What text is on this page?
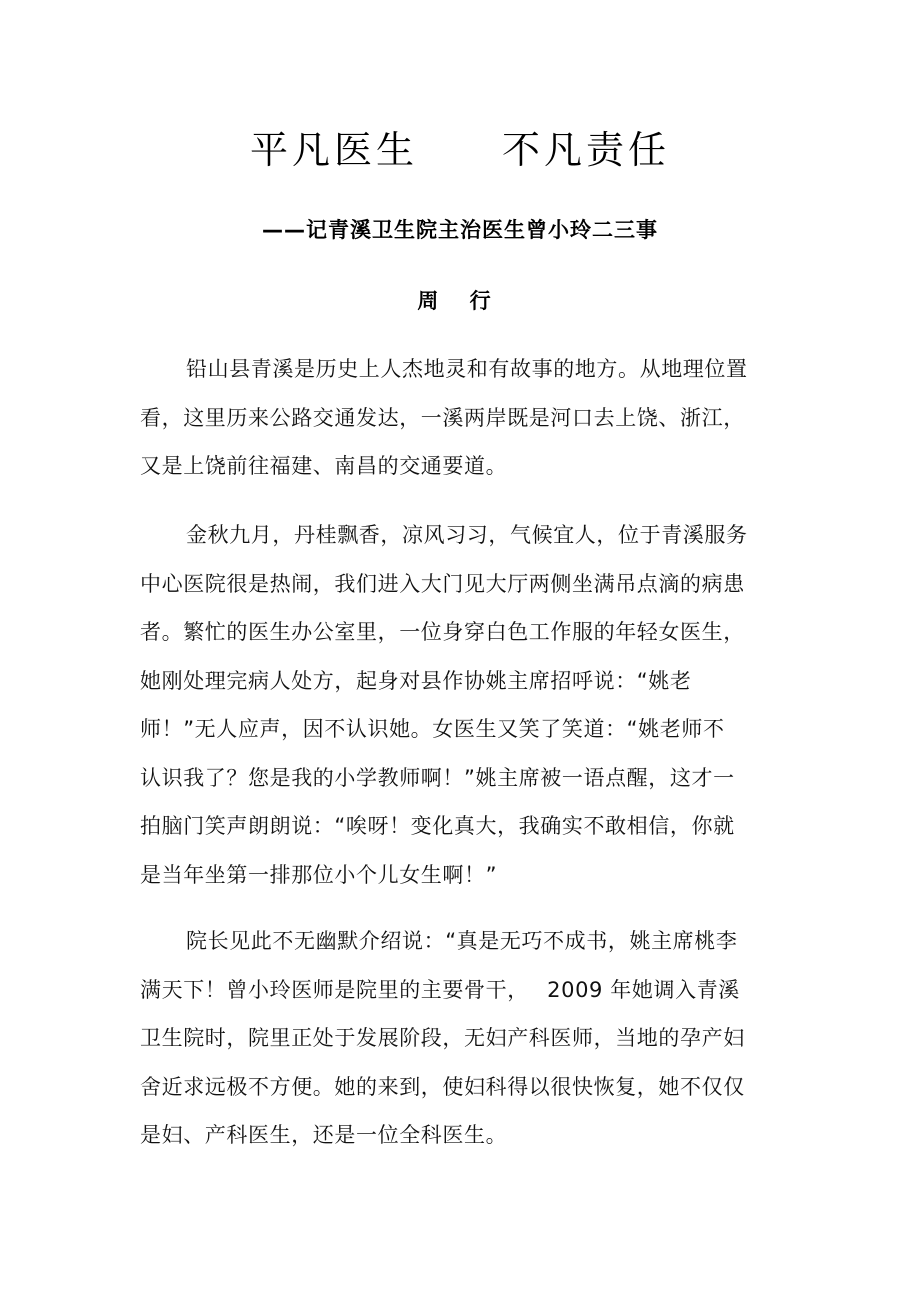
平凡医生　　不凡责任
——记青溪卫生院主治医生曾小玲二三事
周 行
铅山县青溪是历史上人杰地灵和有故事的地方。从地理位置
看，这里历来公路交通发达，一溪两岸既是河口去上饶、浙江，
又是上饶前往福建、南昌的交通要道。
金秋九月，丹桂飘香，凉风习习，气候宜人，位于青溪服务
中心医院很是热闹，我们进入大门见大厅两侧坐满吊点滴的病患
者。繁忙的医生办公室里，一位身穿白色工作服的年轻女医生，
她刚处理完病人处方，起身对县作协姚主席招呼说：“姚老
师！”无人应声，因不认识她。女医生又笑了笑道：“姚老师不
认识我了？您是我的小学教师啊！”姚主席被一语点醒，这才一
拍脑门笑声朗朗说：“唉呀！变化真大，我确实不敢相信，你就
是当年坐第一排那位小个儿女生啊！”
院长见此不无幽默介绍说：“真是无巧不成书，姚主席桃李
满天下！曾小玲医师是院里的主要骨干，　 2009 年她调入青溪
卫生院时，院里正处于发展阶段，无妇产科医师，当地的孕产妇
舍近求远极不方便。她的来到，使妇科得以很快恢复，她不仅仅
是妇、产科医生，还是一位全科医生。
